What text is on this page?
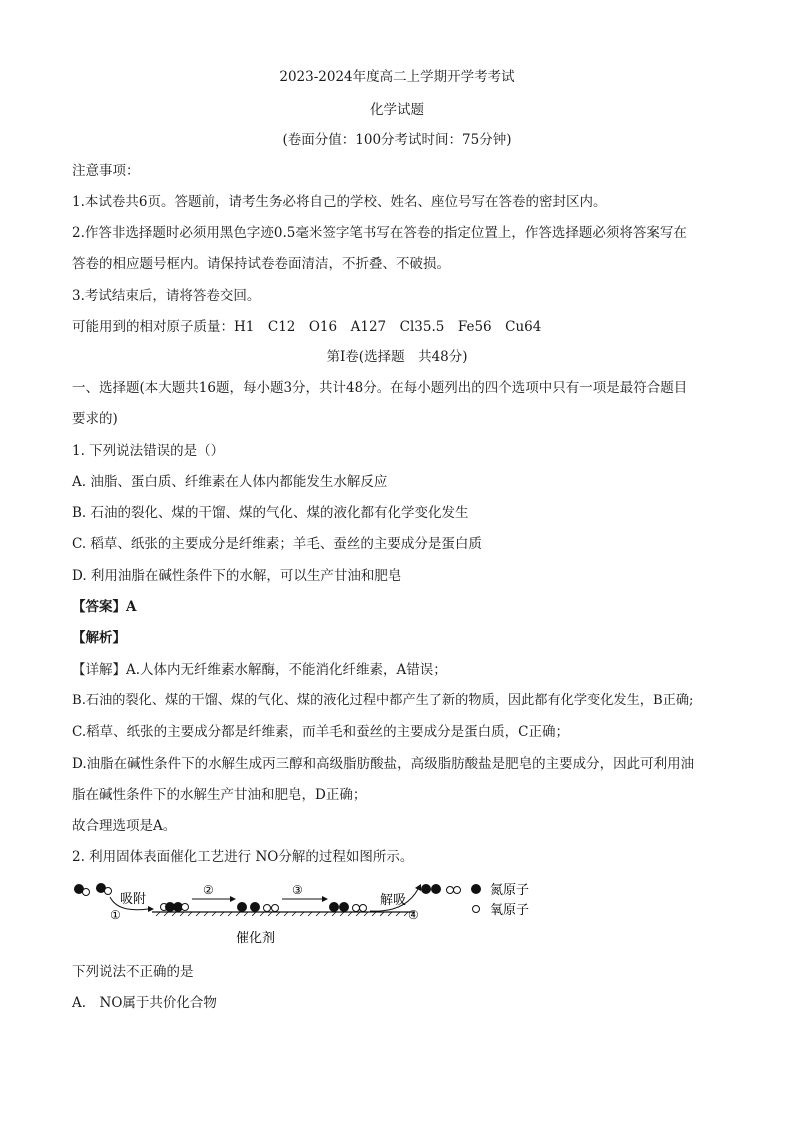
2023-2024年度高二上学期开学考考试
化学试题
(卷面分值：100分考试时间：75分钟)
注意事项：
1.本试卷共6页。答题前，请考生务必将自己的学校、姓名、座位号写在答卷的密封区内。
2.作答非选择题时必须用黑色字迹0.5毫米签字笔书写在答卷的指定位置上，作答选择题必须将答案写在
答卷的相应题号框内。请保持试卷卷面清洁，不折叠、不破损。
3.考试结束后，请将答卷交回。
可能用到的相对原子质量：H1　C12　O16　A127　Cl35.5　Fe56　Cu64
第Ⅰ卷(选择题　共48分)
一、选择题(本大题共16题，每小题3分，共计48分。在每小题列出的四个选项中只有一项是最符合题目
要求的)
1. 下列说法错误的是（）
A. 油脂、蛋白质、纤维素在人体内都能发生水解反应
B. 石油的裂化、煤的干馏、煤的气化、煤的液化都有化学变化发生
C. 稻草、纸张的主要成分是纤维素；羊毛、蚕丝的主要成分是蛋白质
D. 利用油脂在碱性条件下的水解，可以生产甘油和肥皂
【答案】A
【解析】
【详解】A.人体内无纤维素水解酶，不能消化纤维素，A错误；
B.石油的裂化、煤的干馏、煤的气化、煤的液化过程中都产生了新的物质，因此都有化学变化发生，B正确;
C.稻草、纸张的主要成分都是纤维素，而羊毛和蚕丝的主要成分是蛋白质，C正确；
D.油脂在碱性条件下的水解生成丙三醇和高级脂肪酸盐，高级脂肪酸盐是肥皂的主要成分，因此可利用油
脂在碱性条件下的水解生产甘油和肥皂，D正确；
故合理选项是A。
2. 利用固体表面催化工艺进行 NO分解的过程如图所示。
吸附
①
②	③
解吸
④
氮原子
氧原子
催化剂
下列说法不正确的是
A.　NO属于共价化合物
